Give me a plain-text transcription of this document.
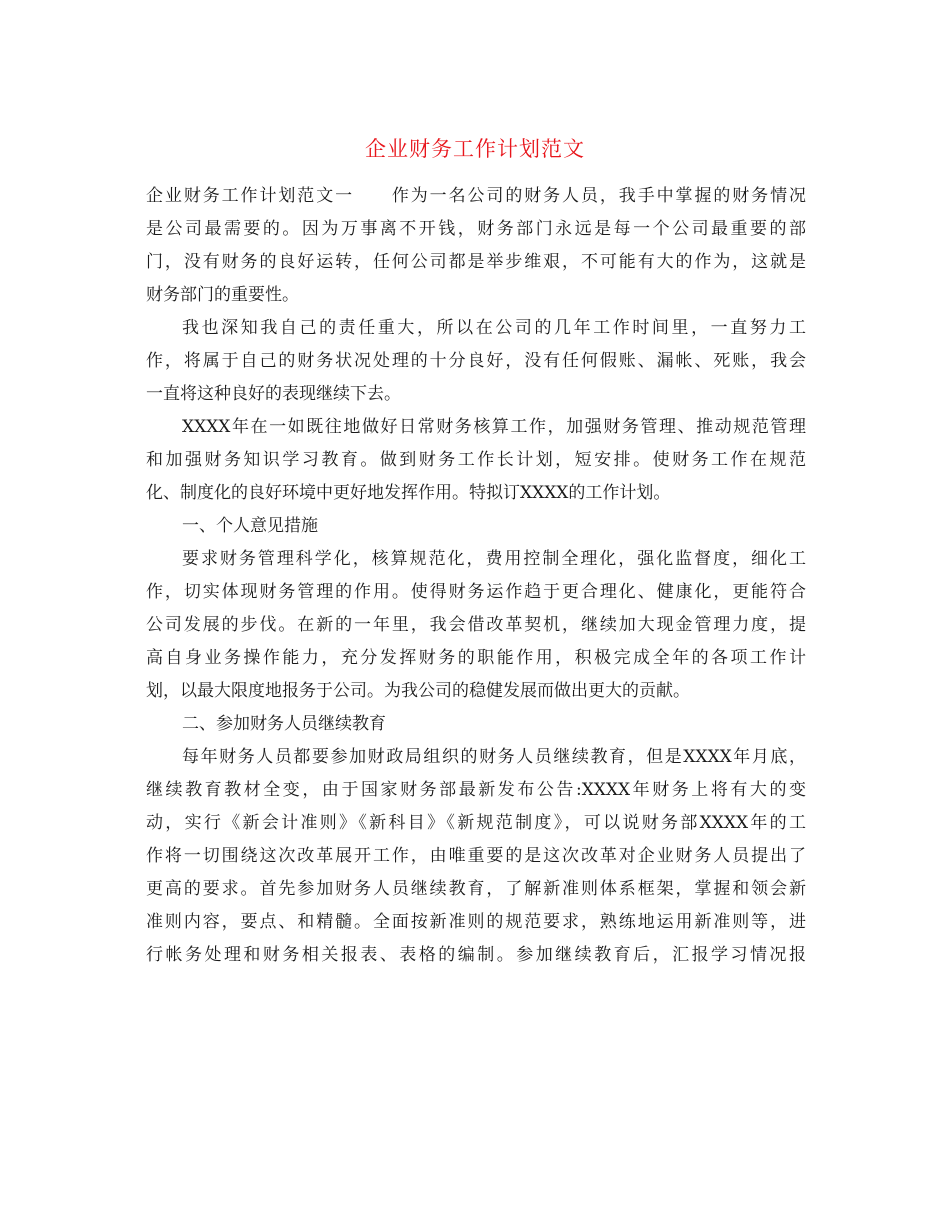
企业财务工作计划范文
企业财务工作计划范文一　　作为一名公司的财务人员，我手中掌握的财务情况
是公司最需要的。因为万事离不开钱，财务部门永远是每一个公司最重要的部
门，没有财务的良好运转，任何公司都是举步维艰，不可能有大的作为，这就是
财务部门的重要性。
我也深知我自己的责任重大，所以在公司的几年工作时间里，一直努力工
作，将属于自己的财务状况处理的十分良好，没有任何假账、漏帐、死账，我会
一直将这种良好的表现继续下去。
XXXX年在一如既往地做好日常财务核算工作，加强财务管理、推动规范管理
和加强财务知识学习教育。做到财务工作长计划，短安排。使财务工作在规范
化、制度化的良好环境中更好地发挥作用。特拟订XXXX的工作计划。
一、个人意见措施
要求财务管理科学化，核算规范化，费用控制全理化，强化监督度，细化工
作，切实体现财务管理的作用。使得财务运作趋于更合理化、健康化，更能符合
公司发展的步伐。在新的一年里，我会借改革契机，继续加大现金管理力度，提
高自身业务操作能力，充分发挥财务的职能作用，积极完成全年的各项工作计
划，以最大限度地报务于公司。为我公司的稳健发展而做出更大的贡献。
二、参加财务人员继续教育
每年财务人员都要参加财政局组织的财务人员继续教育，但是XXXX年月底，
继续教育教材全变，由于国家财务部最新发布公告:XXXX年财务上将有大的变
动，实行《新会计准则》《新科目》《新规范制度》，可以说财务部XXXX年的工
作将一切围绕这次改革展开工作，由唯重要的是这次改革对企业财务人员提出了
更高的要求。首先参加财务人员继续教育，了解新准则体系框架，掌握和领会新
准则内容，要点、和精髓。全面按新准则的规范要求，熟练地运用新准则等，进
行帐务处理和财务相关报表、表格的编制。参加继续教育后，汇报学习情况报
